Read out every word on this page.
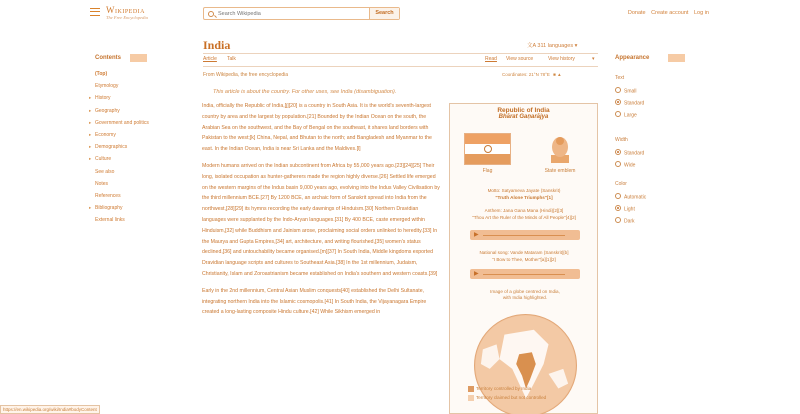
Wikipedia
The Free Encyclopedia
Search Wikipedia
Search	Donate Create account Log in
Contents
(Top)
Etymology
▸ History
▸ Geography
▸ Government and politics
▸ Economy
▸ Demographics
▸ Culture
See also
Notes
References
▸ Bibliography
External links
India	文A 311 languages ▾
Article Talk	Read View source	View history	▾
From Wikipedia, the free encyclopedia	Coordinates: 21°N 78°E ■ ▲
This article is about the country. For other uses, see India (disambiguation).

India, officially the Republic of India,[j][20] is a country in South Asia. It is the world's seventh-largest country by area and the largest by population.[21] Bounded by the Indian Ocean on the south, the Arabian Sea on the southwest, and the Bay of Bengal on the southeast, it shares land borders with Pakistan to the west;[k] China, Nepal, and Bhutan to the north; and Bangladesh and Myanmar to the east. In the Indian Ocean, India is near Sri Lanka and the Maldives.[l]

Modern humans arrived on the Indian subcontinent from Africa by 55,000 years ago.[23][24][25] Their long, isolated occupation as hunter-gatherers made the region highly diverse.[26] Settled life emerged on the western margins of the Indus basin 9,000 years ago, evolving into the Indus Valley Civilisation by the third millennium BCE.[27] By 1200 BCE, an archaic form of Sanskrit spread into India from the northwest,[28][29] its hymns recording the early dawnings of Hinduism.[30] Northern Dravidian languages were supplanted by the Indo-Aryan languages.[31] By 400 BCE, caste emerged within Hinduism,[32] while Buddhism and Jainism arose, proclaiming social orders unlinked to heredity.[33] In the Maurya and Gupta Empires,[34] art, architecture, and writing flourished,[35] women's status declined,[36] and untouchability became organised.[m][37] In South India, Middle kingdoms exported Dravidian language scripts and cultures to Southeast Asia.[38] In the 1st millennium, Judaism, Christianity, Islam and Zoroastrianism became established on India's southern and western coasts.[39]

Early in the 2nd millennium, Central Asian Muslim conquests[40] established the Delhi Sultanate, integrating northern India into the Islamic cosmopolis.[41] In South India, the Vijayanagara Empire created a long-lasting composite Hindu culture.[42] While Sikhism emerged in

Republic of India
Bhārat Gaṇarājya
Flag	State emblem
Motto: Satyameva Jayate (Sanskrit)
"Truth Alone Triumphs"[1]
Anthem: Jana Gana Mana (Hindi)[2][3]
"Thou Art the Ruler of the Minds of All People"[4][2]
▶
National song: Vande Mataram (Sanskrit)[b]
"I Bow to Thee, Mother"[a][1][2]
▶
Image of a globe centred on India, with India highlighted.
Territory controlled by India
Territory claimed but not controlled
Appearance
Text
Small
Standard
Large
Width
Standard
Wide
Color
Automatic
Light
Dark
https://en.wikipedia.org/wiki/India#bodyContent
